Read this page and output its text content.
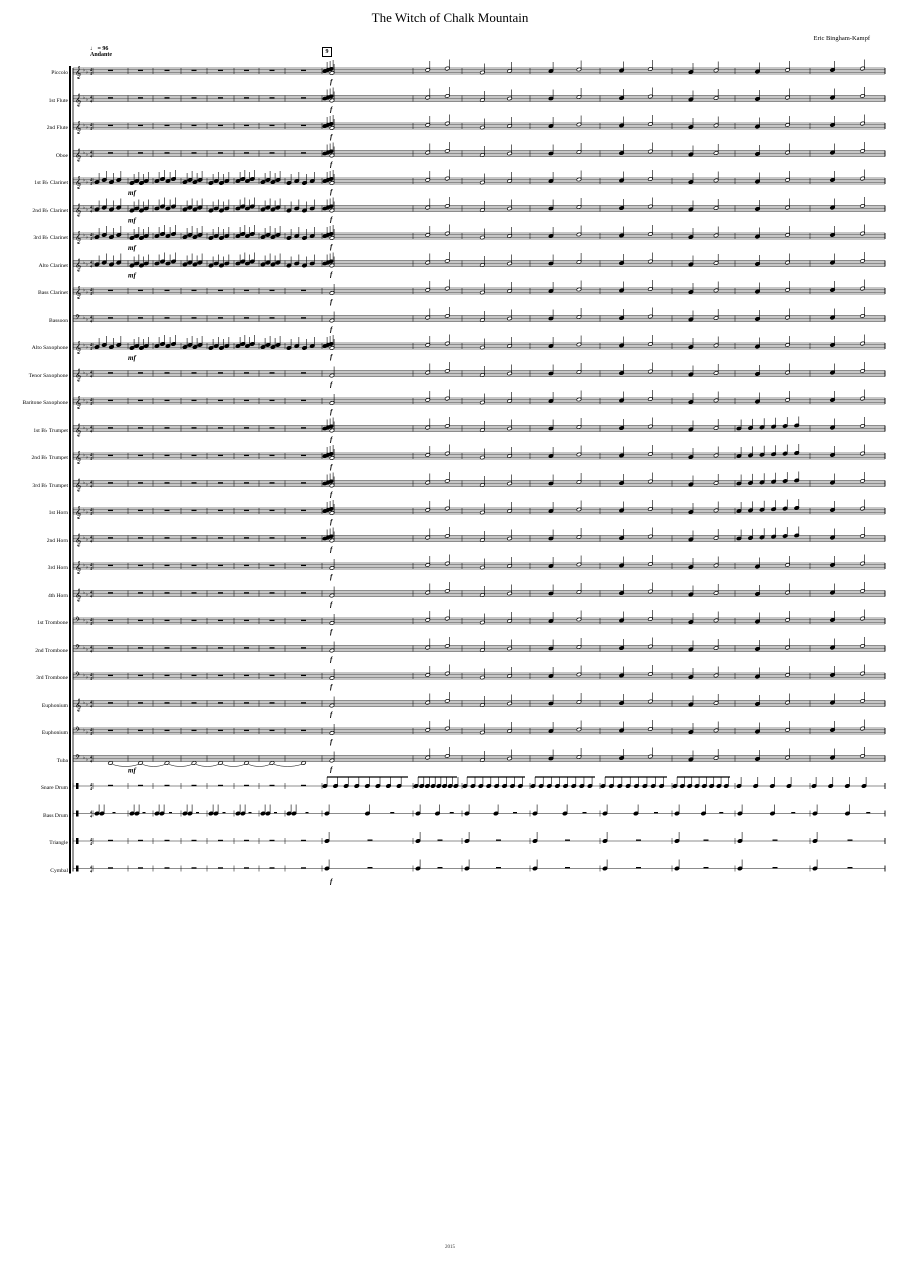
The Witch of Chalk Mountain
Eric Bingham-Kampf
♩ = 96
Andante	9
Piccolo
1st Flute
2nd Flute
Oboe
1st B♭ Clarinet
2nd B♭ Clarinet
3rd B♭ Clarinet
Alto Clarinet
Bass Clarinet
Bassoon
Alto Saxophone
Tenor Saxophone
Baritone Saxophone
1st B♭ Trumpet
2nd B♭ Trumpet
3rd B♭ Trumpet
1st Horn
2nd Horn
3rd Horn
4th Horn
1st Trombone
2nd Trombone
3rd Trombone
Euphonium
Euphonium
Tuba
Snare Drum
Bass Drum
Triangle
Cymbal
𝄞 ♭ ♭ 4
4
f
𝄞 ♭ ♭ 4
4
f
𝄞 ♭ ♭ 4
4
f
𝄞 ♭ ♭ 4
4
f
𝄞 ♭ ♭ 4
4
mf	f
𝄞 ♭ ♭ 4
4
mf	f
𝄞 ♭ ♭ 4
4
mf	f
𝄞 ♭ ♭ 4
4
mf	f
𝄞 ♭ ♭ 4
4
f
𝄢 ♭ ♭ 4
4
f
𝄞 ♭ ♭ 4
4
mf	f
𝄞 ♭ ♭ 4
4
f
𝄞 ♭ ♭ 4
4
f
𝄞 ♭ ♭ 4
4
f
𝄞 ♭ ♭ 4
4
f
𝄞 ♭ ♭ 4
4
f
𝄞 ♭ ♭ 4
4
f
𝄞 ♭ ♭ 4
4
f
𝄞 ♭ ♭ 4
4
f
𝄞 ♭ ♭ 4
4
f
𝄢 ♭ ♭ 4
4
f
𝄢 ♭ ♭ 4
4
f
𝄢 ♭ ♭ 4
4
f
𝄞 ♭ ♭ 4
4
f
𝄢 ♭ ♭ 4
4
f
𝄢 ♭ ♭ 4
4
mf	f
4
4
4
4
4
4
4
4
f
2015
